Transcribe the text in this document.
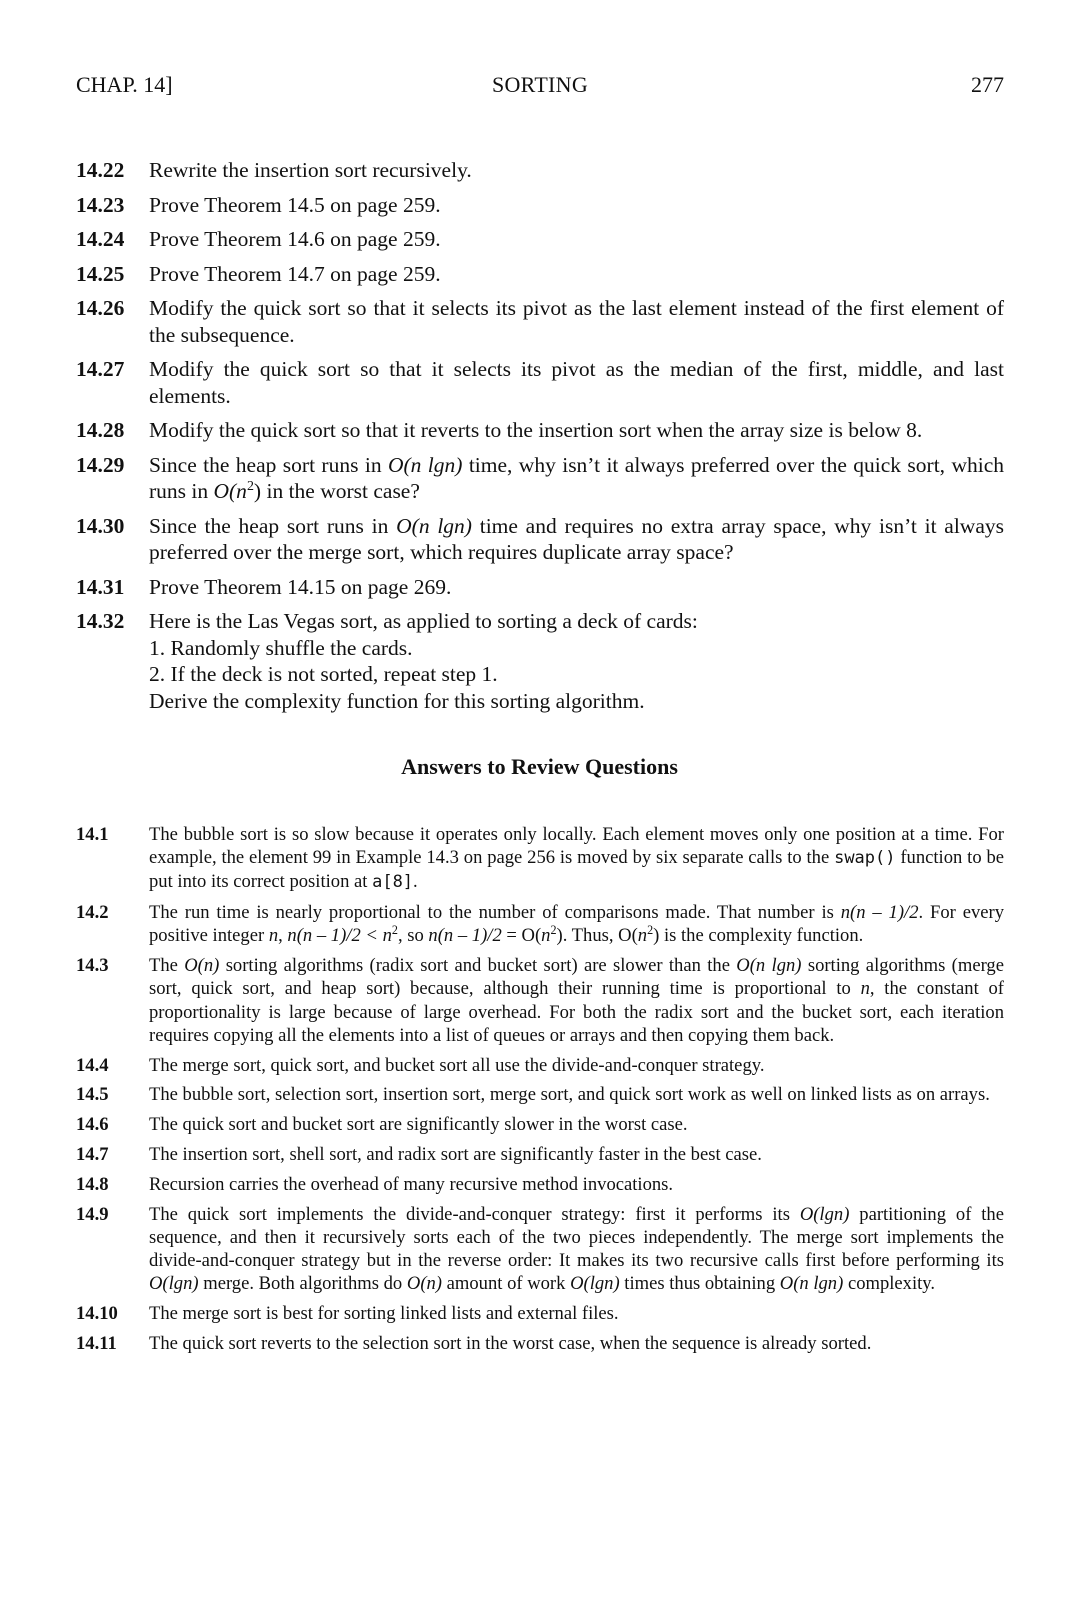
CHAP. 14]	SORTING	277
14.22	Rewrite the insertion sort recursively.
14.23	Prove Theorem 14.5 on page 259.
14.24	Prove Theorem 14.6 on page 259.
14.25	Prove Theorem 14.7 on page 259.
14.26	Modify the quick sort so that it selects its pivot as the last element instead of the first element of the subsequence.
14.27	Modify the quick sort so that it selects its pivot as the median of the first, middle, and last elements.
14.28	Modify the quick sort so that it reverts to the insertion sort when the array size is below 8.
14.29	Since the heap sort runs in O(n lgn) time, why isn’t it always preferred over the quick sort, which runs in $O(n^2)$ in the worst case?
14.30	Since the heap sort runs in O(n lgn) time and requires no extra array space, why isn’t it always preferred over the merge sort, which requires duplicate array space?
14.31	Prove Theorem 14.15 on page 269.
14.32	Here is the Las Vegas sort, as applied to sorting a deck of cards:
1. Randomly shuffle the cards.
2. If the deck is not sorted, repeat step 1.
Derive the complexity function for this sorting algorithm.
Answers to Review Questions
14.1	The bubble sort is so slow because it operates only locally. Each element moves only one position at a time. For example, the element 99 in Example 14.3 on page 256 is moved by six separate calls to the swap() function to be put into its correct position at a[8].
14.2	The run time is nearly proportional to the number of comparisons made. That number is n(n – 1)/2. For every positive integer n, $n(n - 1)/2 < n^2$, so $n(n - 1)/2 = O(n^2)$. Thus, $O(n^2)$ is the complexity function.
14.3	The O(n) sorting algorithms (radix sort and bucket sort) are slower than the O(n lgn) sorting algorithms (merge sort, quick sort, and heap sort) because, although their running time is proportional to n, the constant of proportionality is large because of large overhead. For both the radix sort and the bucket sort, each iteration requires copying all the elements into a list of queues or arrays and then copying them back.
14.4	The merge sort, quick sort, and bucket sort all use the divide-and-conquer strategy.
14.5	The bubble sort, selection sort, insertion sort, merge sort, and quick sort work as well on linked lists as on arrays.
14.6	The quick sort and bucket sort are significantly slower in the worst case.
14.7	The insertion sort, shell sort, and radix sort are significantly faster in the best case.
14.8	Recursion carries the overhead of many recursive method invocations.
14.9	The quick sort implements the divide-and-conquer strategy: first it performs its O(lgn) partitioning of the sequence, and then it recursively sorts each of the two pieces independently. The merge sort implements the divide-and-conquer strategy but in the reverse order: It makes its two recursive calls first before performing its O(lgn) merge. Both algorithms do O(n) amount of work O(lgn) times thus obtaining O(n lgn) complexity.
14.10	The merge sort is best for sorting linked lists and external files.
14.11	The quick sort reverts to the selection sort in the worst case, when the sequence is already sorted.
